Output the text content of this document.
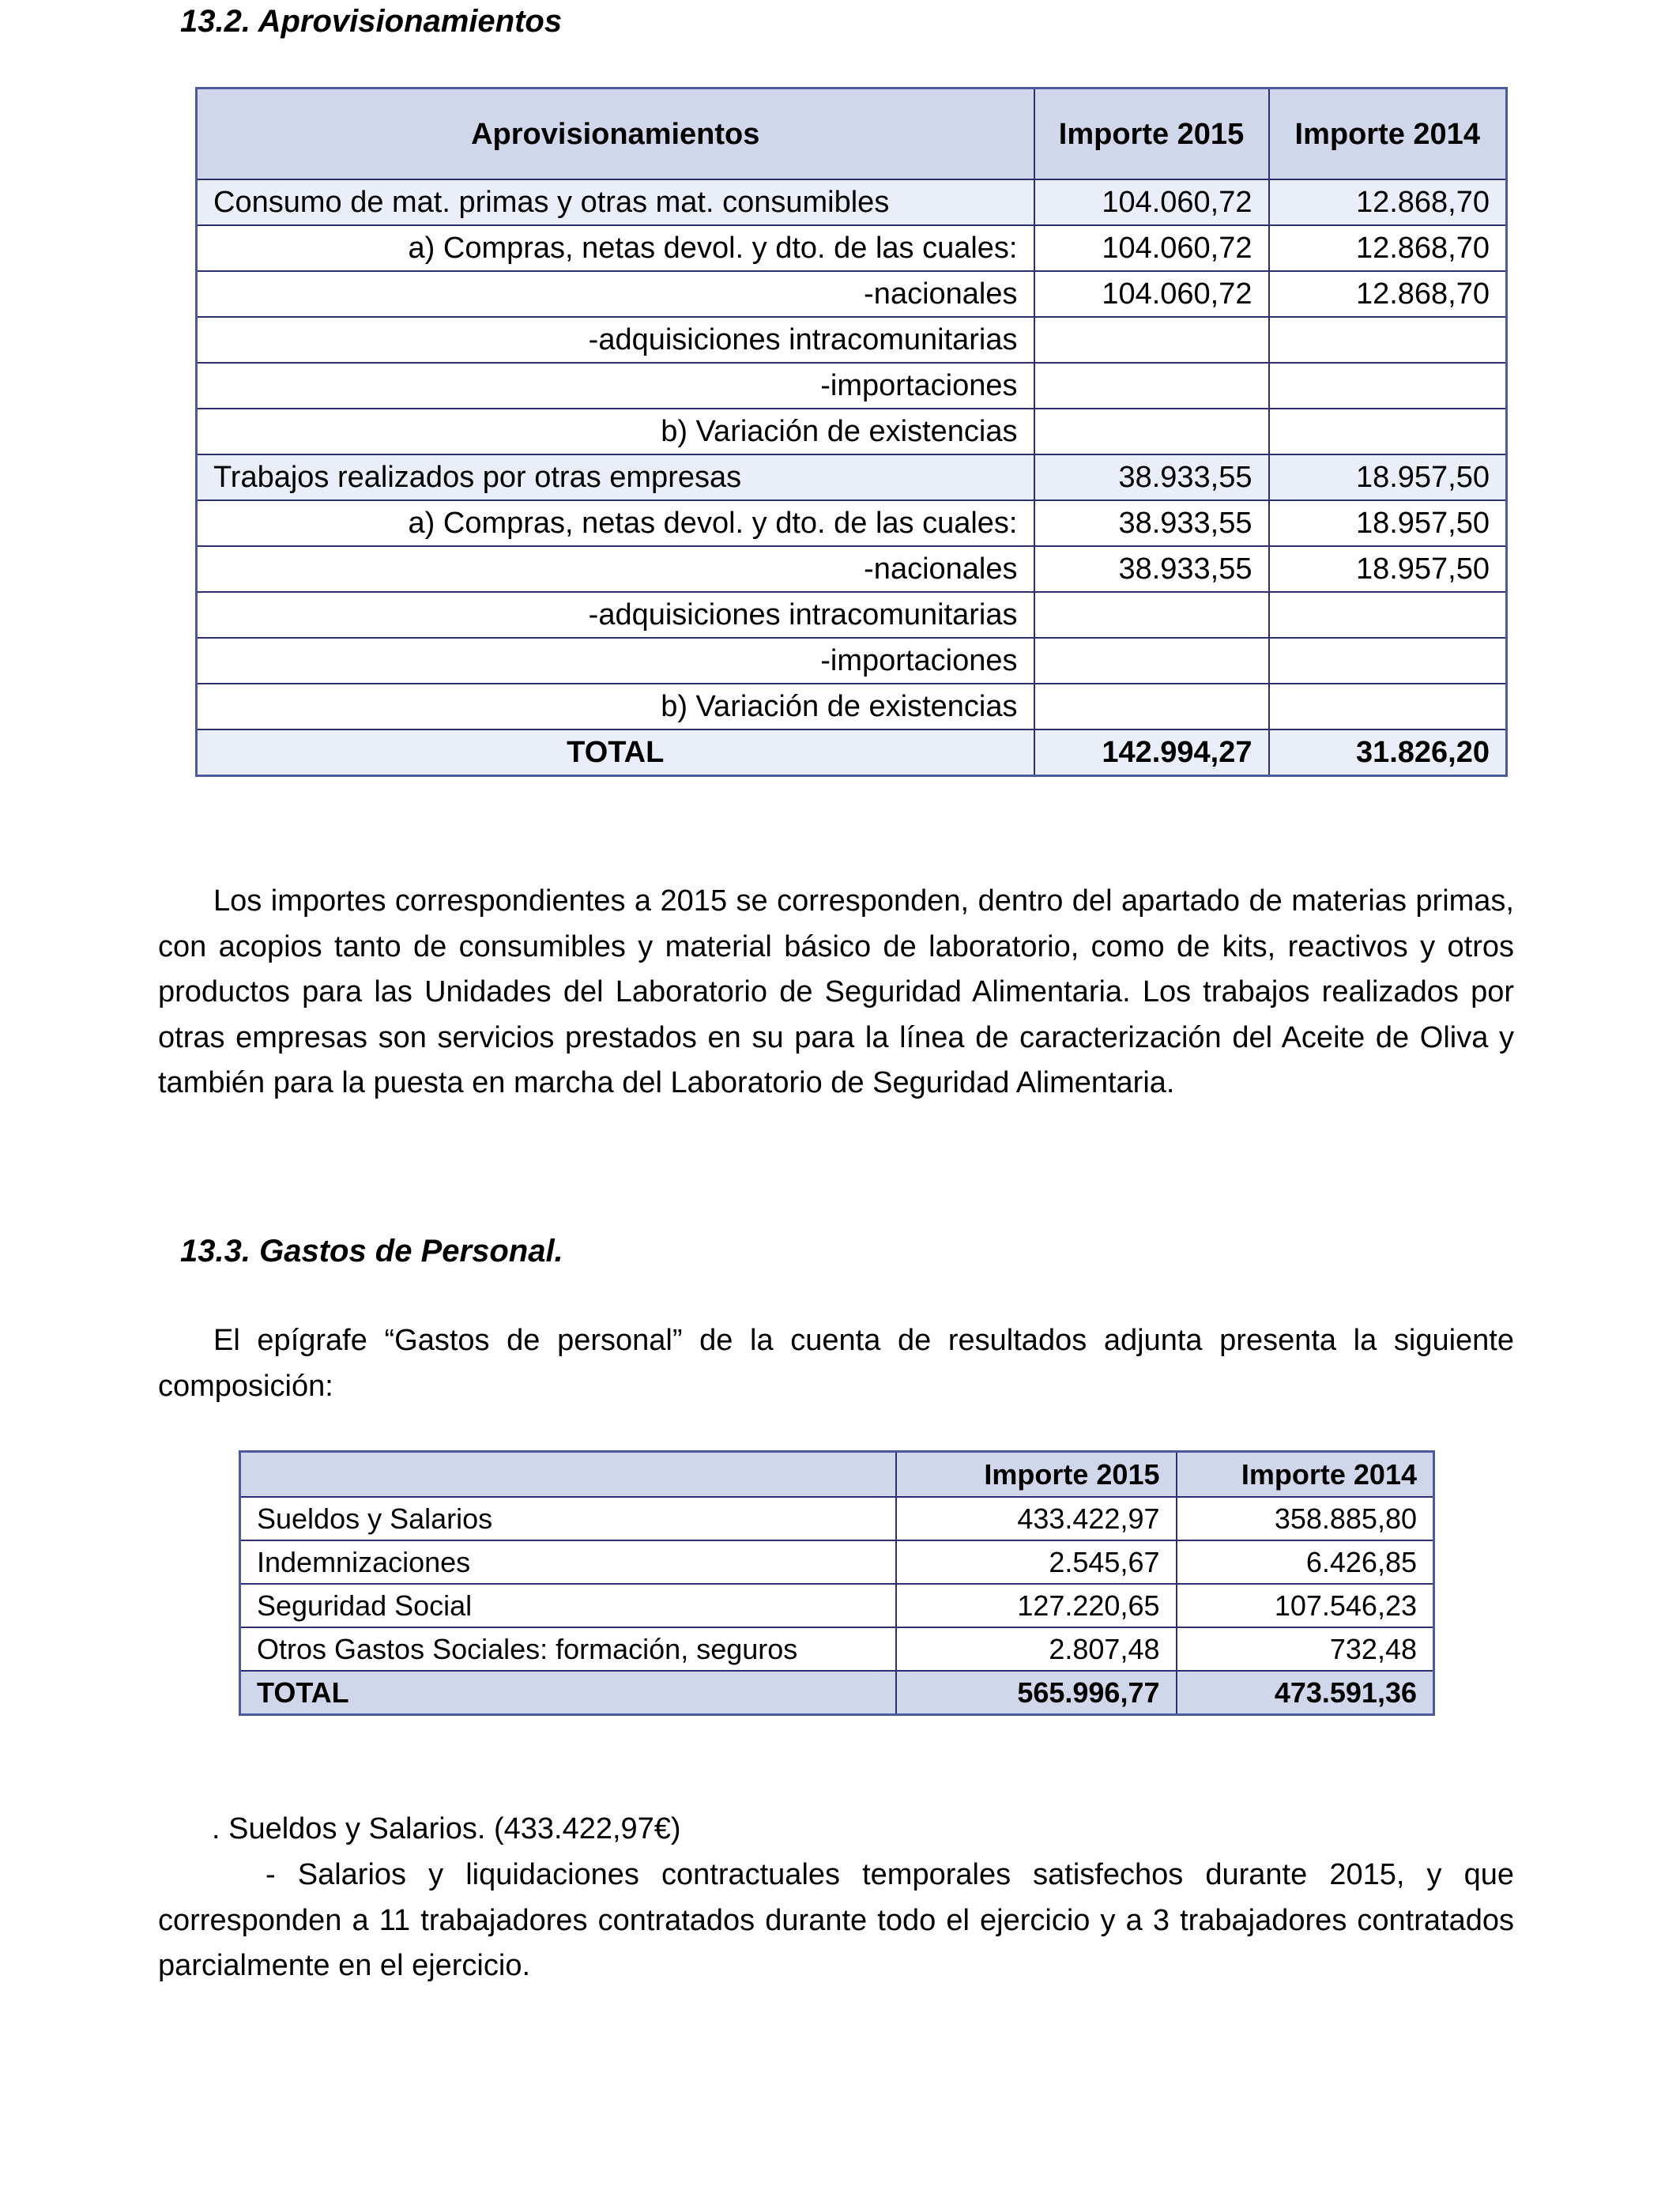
13.2. Aprovisionamientos
Aprovisionamientos	Importe 2015	Importe 2014
Consumo de mat. primas y otras mat. consumibles	104.060,72	12.868,70
a) Compras, netas devol. y dto. de las cuales:	104.060,72	12.868,70
-nacionales	104.060,72	12.868,70
-adquisiciones intracomunitarias		
-importaciones		
b) Variación de existencias		
Trabajos realizados por otras empresas	38.933,55	18.957,50
a) Compras, netas devol. y dto. de las cuales:	38.933,55	18.957,50
-nacionales	38.933,55	18.957,50
-adquisiciones intracomunitarias		
-importaciones		
b) Variación de existencias		
TOTAL	142.994,27	31.826,20

Los importes correspondientes a 2015 se corresponden, dentro del apartado de materias primas, con acopios tanto de consumibles y material básico de laboratorio, como de kits, reactivos y otros productos para las Unidades del Laboratorio de Seguridad Alimentaria. Los trabajos realizados por otras empresas son servicios prestados en su para la línea de caracterización del Aceite de Oliva y también para la puesta en marcha del Laboratorio de Seguridad Alimentaria.

13.3. Gastos de Personal.

El epígrafe “Gastos de personal” de la cuenta de resultados adjunta presenta la siguiente composición:

	Importe 2015	Importe 2014
Sueldos y Salarios	433.422,97	358.885,80
Indemnizaciones	2.545,67	6.426,85
Seguridad Social	127.220,65	107.546,23
Otros Gastos Sociales: formación, seguros	2.807,48	732,48
TOTAL	565.996,77	473.591,36

. Sueldos y Salarios. (433.422,97€)

- Salarios y liquidaciones contractuales temporales satisfechos durante 2015, y que corresponden a 11 trabajadores contratados durante todo el ejercicio y a 3 trabajadores contratados parcialmente en el ejercicio.
